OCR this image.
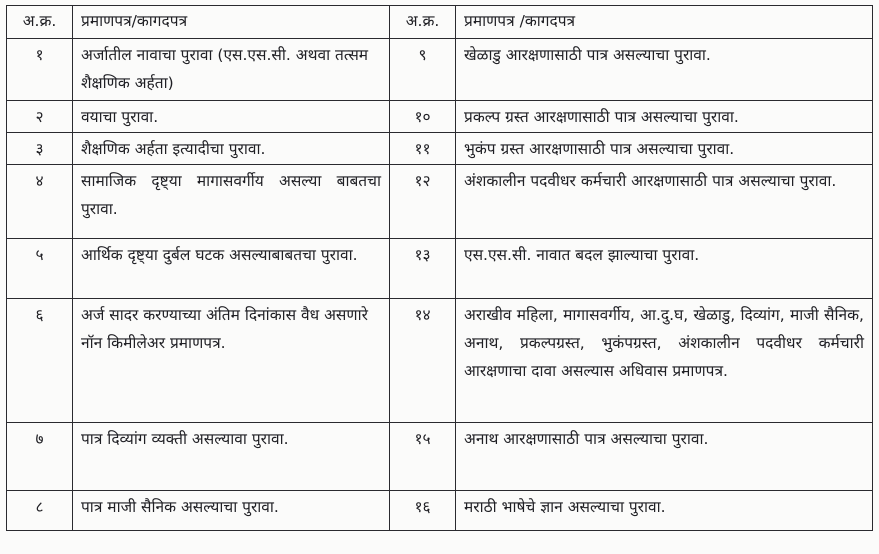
अ.क्र.	प्रमाणपत्र/कागदपत्र	अ.क्र.	प्रमाणपत्र /कागदपत्र
१	अर्जातील नावाचा पुरावा (एस.एस.सी. अथवा तत्सम शैक्षणिक अर्हता)	९	खेळाडु आरक्षणासाठी पात्र असल्याचा पुरावा.
२	वयाचा पुरावा.	१०	प्रकल्प ग्रस्त आरक्षणासाठी पात्र असल्याचा पुरावा.
३	शैक्षणिक अर्हता इत्यादीचा पुरावा.	११	भुकंप ग्रस्त आरक्षणासाठी पात्र असल्याचा पुरावा.
४	सामाजिक दृष्ट्या मागासवर्गीय असल्या बाबतचा पुरावा.	१२	अंशकालीन पदवीधर कर्मचारी आरक्षणासाठी पात्र असल्याचा पुरावा.
५	आर्थिक दृष्ट्या दुर्बल घटक असल्याबाबतचा पुरावा.	१३	एस.एस.सी. नावात बदल झाल्याचा पुरावा.
६	अर्ज सादर करण्याच्या अंतिम दिनांकास वैध असणारे नॉन किमीलेअर प्रमाणपत्र.	१४	अराखीव महिला, मागासवर्गीय, आ.दु.घ, खेळाडु, दिव्यांग, माजी सैनिक, अनाथ, प्रकल्पग्रस्त, भुकंपग्रस्त, अंशकालीन पदवीधर कर्मचारी आरक्षणाचा दावा असल्यास अधिवास प्रमाणपत्र.
७	पात्र दिव्यांग व्यक्ती असल्यावा पुरावा.	१५	अनाथ आरक्षणासाठी पात्र असल्याचा पुरावा.
८	पात्र माजी सैनिक असल्याचा पुरावा.	१६	मराठी भाषेचे ज्ञान असल्याचा पुरावा.
